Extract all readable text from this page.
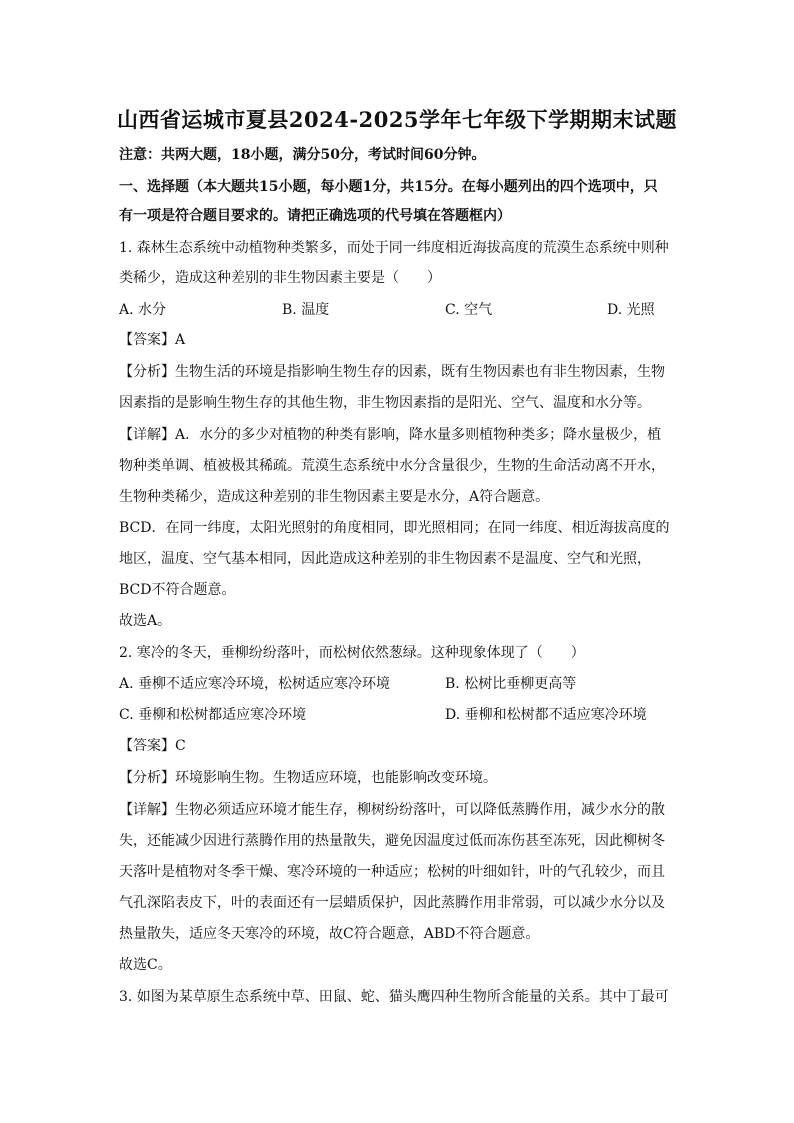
山西省运城市夏县2024-2025学年七年级下学期期末试题
注意：共两大题，18小题，满分50分，考试时间60分钟。
一、选择题（本大题共15小题，每小题1分，共15分。在每小题列出的四个选项中，只
有一项是符合题目要求的。请把正确选项的代号填在答题框内）
1. 森林生态系统中动植物种类繁多，而处于同一纬度相近海拔高度的荒漠生态系统中则种
类稀少，造成这种差别的非生物因素主要是（　　）
A. 水分	B. 温度	C. 空气	D. 光照
【答案】A
【分析】生物生活的环境是指影响生物生存的因素，既有生物因素也有非生物因素，生物
因素指的是影响生物生存的其他生物，非生物因素指的是阳光、空气、温度和水分等。
【详解】A．水分的多少对植物的种类有影响，降水量多则植物种类多；降水量极少，植
物种类单调、植被极其稀疏。荒漠生态系统中水分含量很少，生物的生命活动离不开水，
生物种类稀少，造成这种差别的非生物因素主要是水分，A符合题意。
BCD．在同一纬度，太阳光照射的角度相同，即光照相同；在同一纬度、相近海拔高度的
地区，温度、空气基本相同，因此造成这种差别的非生物因素不是温度、空气和光照，
BCD不符合题意。
故选A。
2. 寒冷的冬天，垂柳纷纷落叶，而松树依然葱绿。这种现象体现了（　　）
A. 垂柳不适应寒冷环境，松树适应寒冷环境	B. 松树比垂柳更高等
C. 垂柳和松树都适应寒冷环境	D. 垂柳和松树都不适应寒冷环境
【答案】C
【分析】环境影响生物。生物适应环境，也能影响改变环境。
【详解】生物必须适应环境才能生存，柳树纷纷落叶，可以降低蒸腾作用，减少水分的散
失，还能减少因进行蒸腾作用的热量散失，避免因温度过低而冻伤甚至冻死，因此柳树冬
天落叶是植物对冬季干燥、寒冷环境的一种适应；松树的叶细如针，叶的气孔较少，而且
气孔深陷表皮下，叶的表面还有一层蜡质保护，因此蒸腾作用非常弱，可以减少水分以及
热量散失，适应冬天寒冷的环境，故C符合题意，ABD不符合题意。
故选C。
3. 如图为某草原生态系统中草、田鼠、蛇、猫头鹰四种生物所含能量的关系。其中丁最可
